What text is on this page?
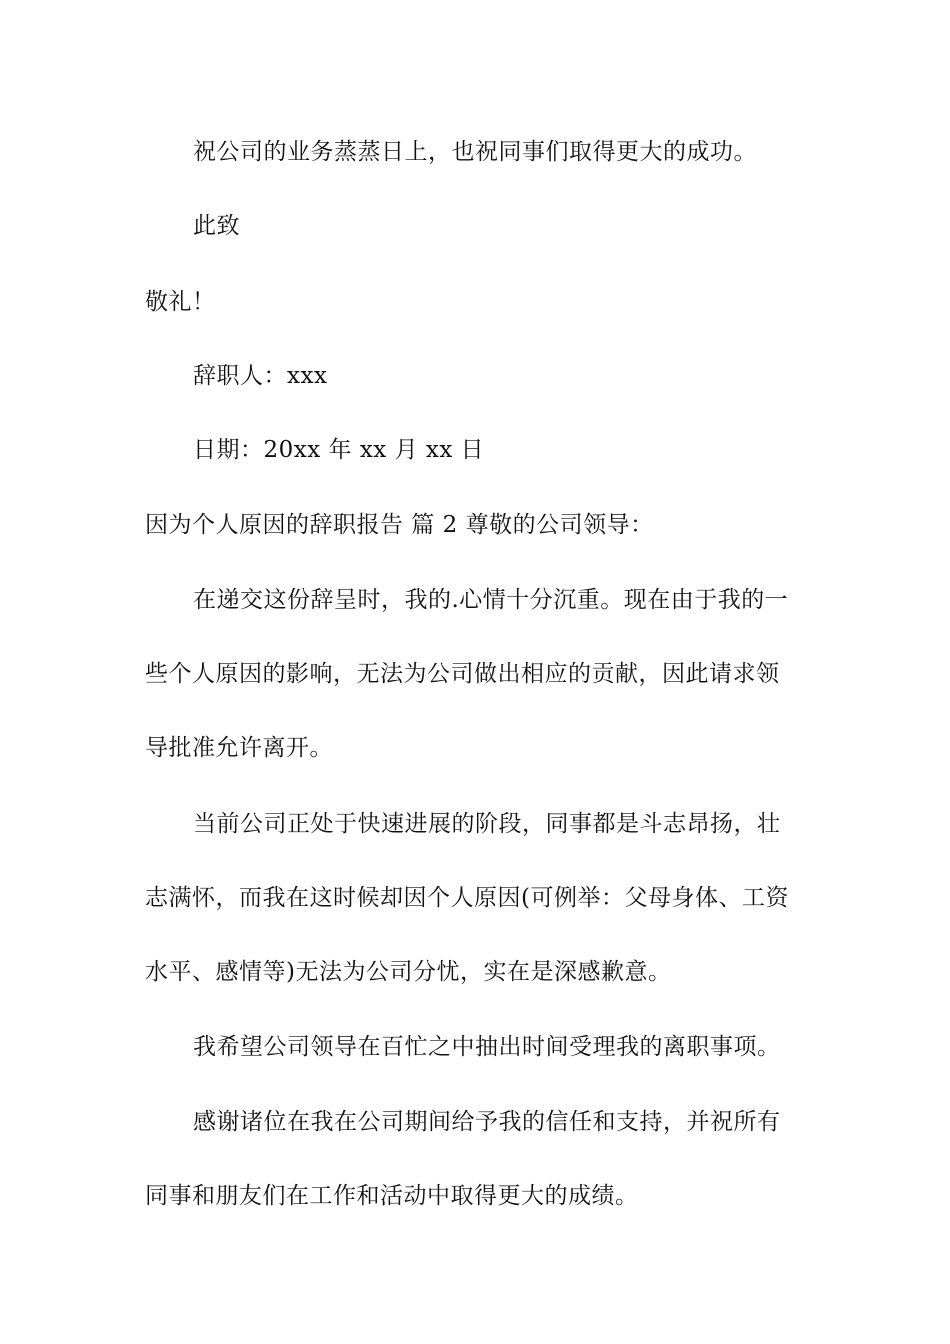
祝公司的业务蒸蒸日上，也祝同事们取得更大的成功。
此致
敬礼！
辞职人：xxx
日期：20xx 年 xx 月 xx 日
因为个人原因的辞职报告 篇 2 尊敬的公司领导：
在递交这份辞呈时，我的.心情十分沉重。现在由于我的一
些个人原因的影响，无法为公司做出相应的贡献，因此请求领
导批准允许离开。
当前公司正处于快速进展的阶段，同事都是斗志昂扬，壮
志满怀，而我在这时候却因个人原因(可例举：父母身体、工资
水平、感情等)无法为公司分忧，实在是深感歉意。
我希望公司领导在百忙之中抽出时间受理我的离职事项。
感谢诸位在我在公司期间给予我的信任和支持，并祝所有
同事和朋友们在工作和活动中取得更大的成绩。
